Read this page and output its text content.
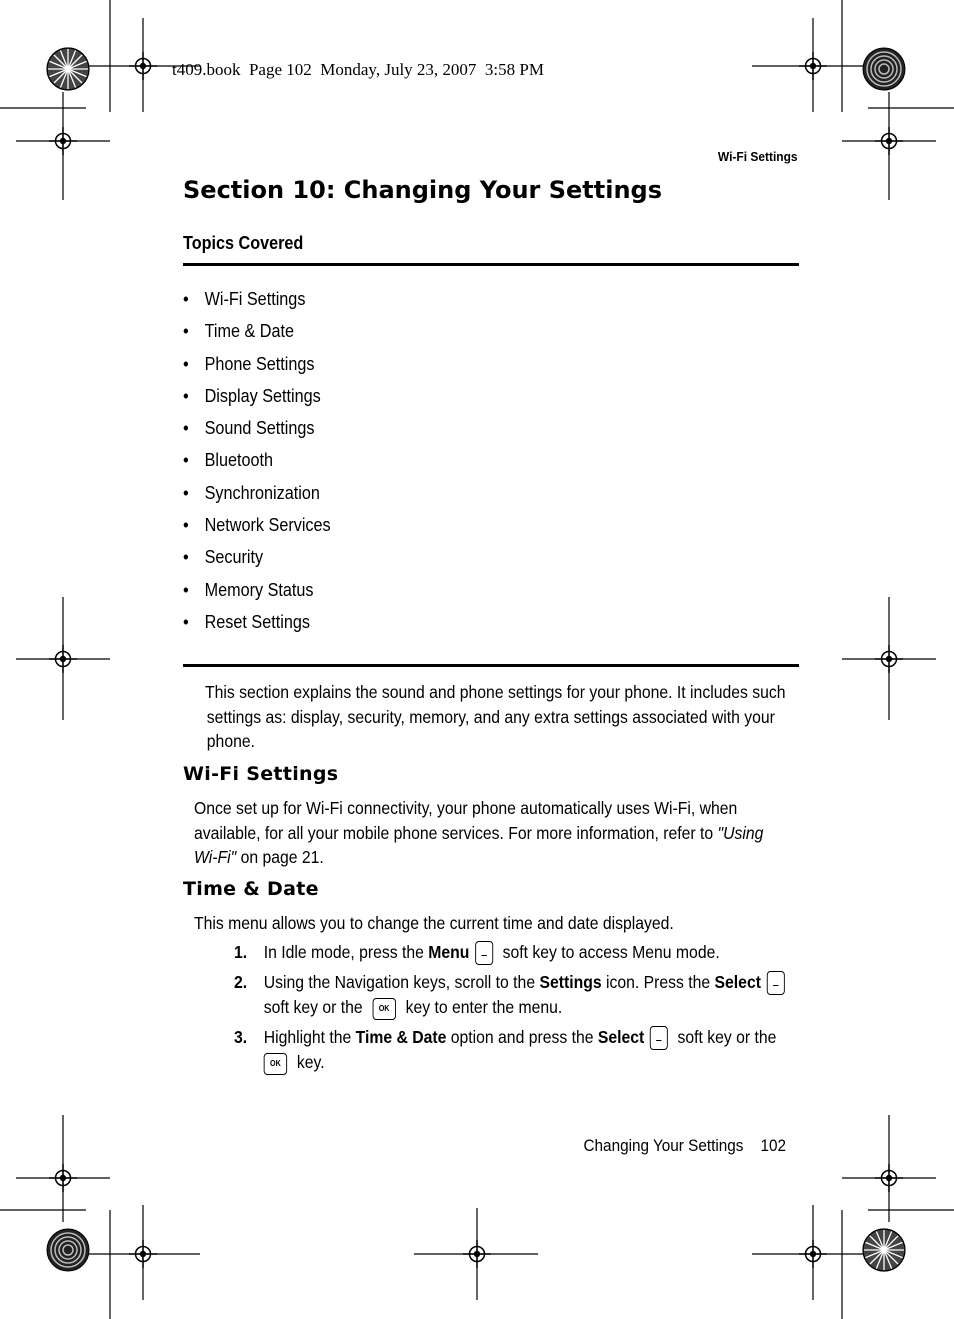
t409.book  Page 102  Monday, July 23, 2007  3:58 PM
Wi-Fi Settings
Section 10: Changing Your Settings
Topics Covered
• Wi-Fi Settings
• Time & Date
• Phone Settings
• Display Settings
• Sound Settings
• Bluetooth
• Synchronization
• Network Services
• Security
• Memory Status
• Reset Settings
This section explains the sound and phone settings for your phone. It includes such
settings as: display, security, memory, and any extra settings associated with your
phone.
Wi-Fi Settings
Once set up for Wi-Fi connectivity, your phone automatically uses Wi-Fi, when
available, for all your mobile phone services. For more information, refer to "Using
Wi-Fi" on page 21.
Time & Date
This menu allows you to change the current time and date displayed.
1. In Idle mode, press the Menu soft key to access Menu mode.
2. Using the Navigation keys, scroll to the Settings icon. Press the Select
soft key or the OK key to enter the menu.
3. Highlight the Time & Date option and press the Select soft key or the
OK key.
Changing Your Settings 102
